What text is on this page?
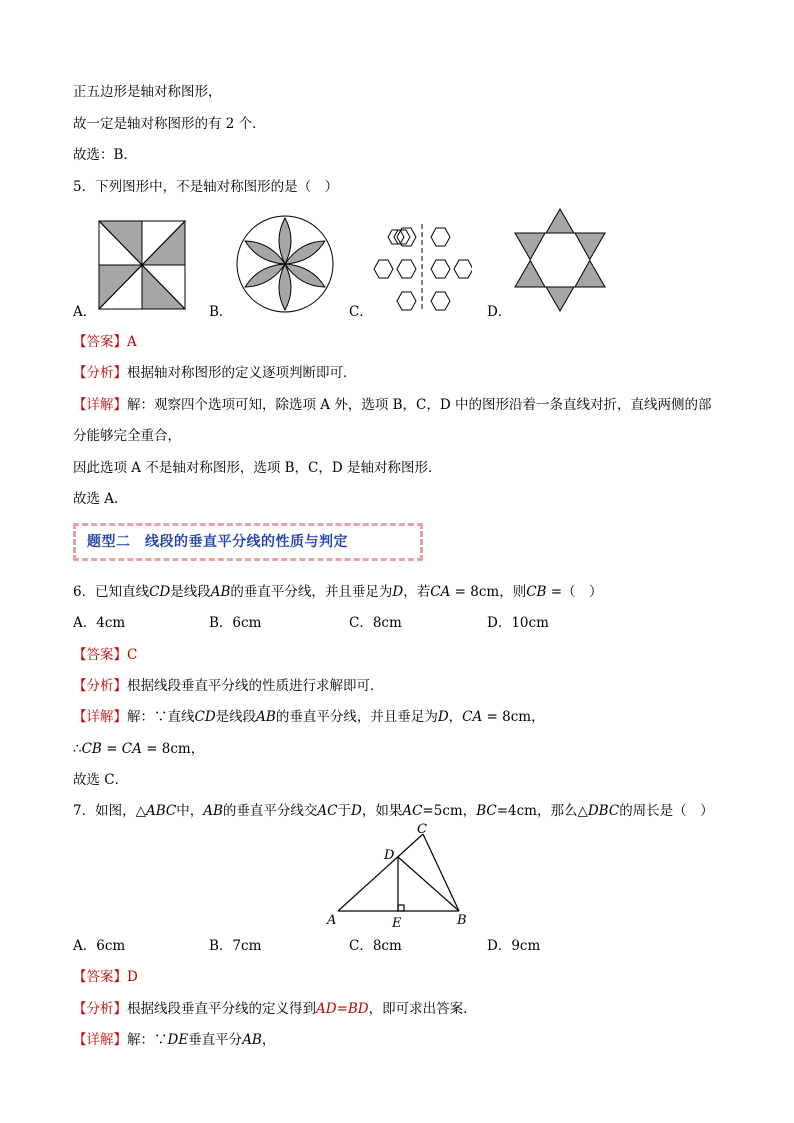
正五边形是轴对称图形，
故一定是轴对称图形的有 2 个．
故选：B．
5．下列图形中，不是轴对称图形的是（　）
A．	B．	C．	D．
【答案】A
【分析】根据轴对称图形的定义逐项判断即可．
【详解】解：观察四个选项可知，除选项 A 外，选项 B，C，D 中的图形沿着一条直线对折，直线两侧的部
分能够完全重合，
因此选项 A 不是轴对称图形，选项 B，C，D 是轴对称图形．
故选 A．
题型二　线段的垂直平分线的性质与判定
6．已知直线CD是线段AB的垂直平分线，并且垂足为D，若CA = 8cm，则CB =（　）
A．4cm	B．6cm	C．8cm	D．10cm
【答案】C
【分析】根据线段垂直平分线的性质进行求解即可．
【详解】解：∵直线CD是线段AB的垂直平分线，并且垂足为D，CA = 8cm，
∴CB = CA = 8cm，
故选 C．
7．如图，△ABC中，AB的垂直平分线交AC于D，如果AC=5cm，BC=4cm，那么△DBC的周长是（　）
C
D
A	E	B
A．6cm	B．7cm	C．8cm	D．9cm
【答案】D
【分析】根据线段垂直平分线的定义得到AD=BD，即可求出答案．
【详解】解：∵DE垂直平分AB，
